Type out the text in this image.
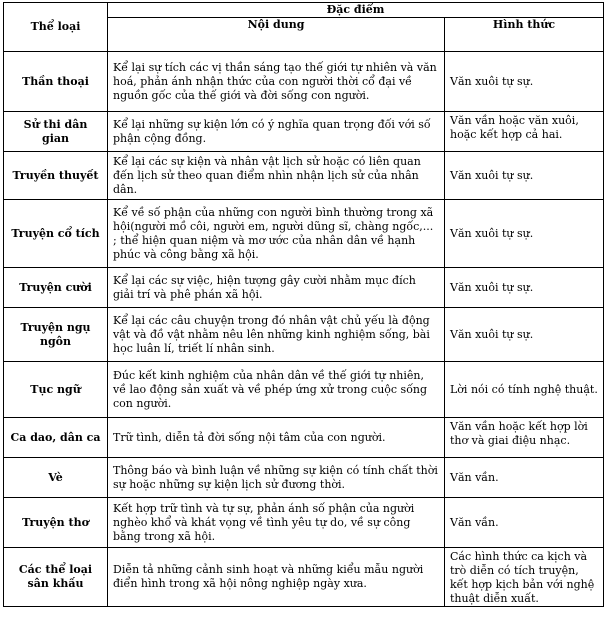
Thể loại	Đặc điểm	
	Nội dung	Hình thức
Thần thoại	Kể lại sự tích các vị thần sáng tạo thế giới tự nhiên và văn hoá, phản ánh nhận thức của con người thời cổ đại về nguồn gốc của thế giới và đời sống con người.	Văn xuôi tự sự.
Sử thi dân gian	Kể lại những sự kiện lớn có ý nghĩa quan trọng đối với số phận cộng đồng.	Văn vần hoặc văn xuôi, hoặc kết hợp cả hai.
Truyền thuyết	Kể lại các sự kiện và nhân vật lịch sử hoặc có liên quan đến lịch sử theo quan điểm nhìn nhận lịch sử của nhân dân.	Văn xuôi tự sự.
Truyện cổ tích	Kể về số phận của những con người bình thường trong xã hội(người mồ côi, người em, người dũng sĩ, chàng ngốc,... ; thể hiện quan niệm và mơ ước của nhân dân về hạnh phúc và công bằng xã hội.	Văn xuôi tự sự.
Truyện cười	Kể lại các sự việc, hiện tượng gây cười nhằm mục đích giải trí và phê phán xã hội.	Văn xuôi tự sự.
Truyện ngụ ngôn	Kể lại các câu chuyện trong đó nhân vật chủ yếu là động vật và đồ vật nhằm nêu lên những kinh nghiệm sống, bài học luân lí, triết lí nhân sinh.	Văn xuôi tự sự.
Tục ngữ	Đúc kết kinh nghiệm của nhân dân về thế giới tự nhiên, về lao động sản xuất và về phép ứng xử trong cuộc sống con người.	Lời nói có tính nghệ thuật.
Ca dao, dân ca	Trữ tình, diễn tả đời sống nội tâm của con người.	Văn vần hoặc kết hợp lời thơ và giai điệu nhạc.
Vè	Thông báo và bình luận về những sự kiện có tính chất thời sự hoặc những sự kiện lịch sử đương thời.	Văn vần.
Truyện thơ	Kết hợp trữ tình và tự sự, phản ánh số phận của người nghèo khổ và khát vọng về tình yêu tự do, về sự công bằng trong xã hội.	Văn vần.
Các thể loại sân khấu	Diễn tả những cảnh sinh hoạt và những kiểu mẫu người điển hình trong xã hội nông nghiệp ngày xưa.	Các hình thức ca kịch và trò diễn có tích truyện, kết hợp kịch bản với nghệ thuật diễn xuất.
